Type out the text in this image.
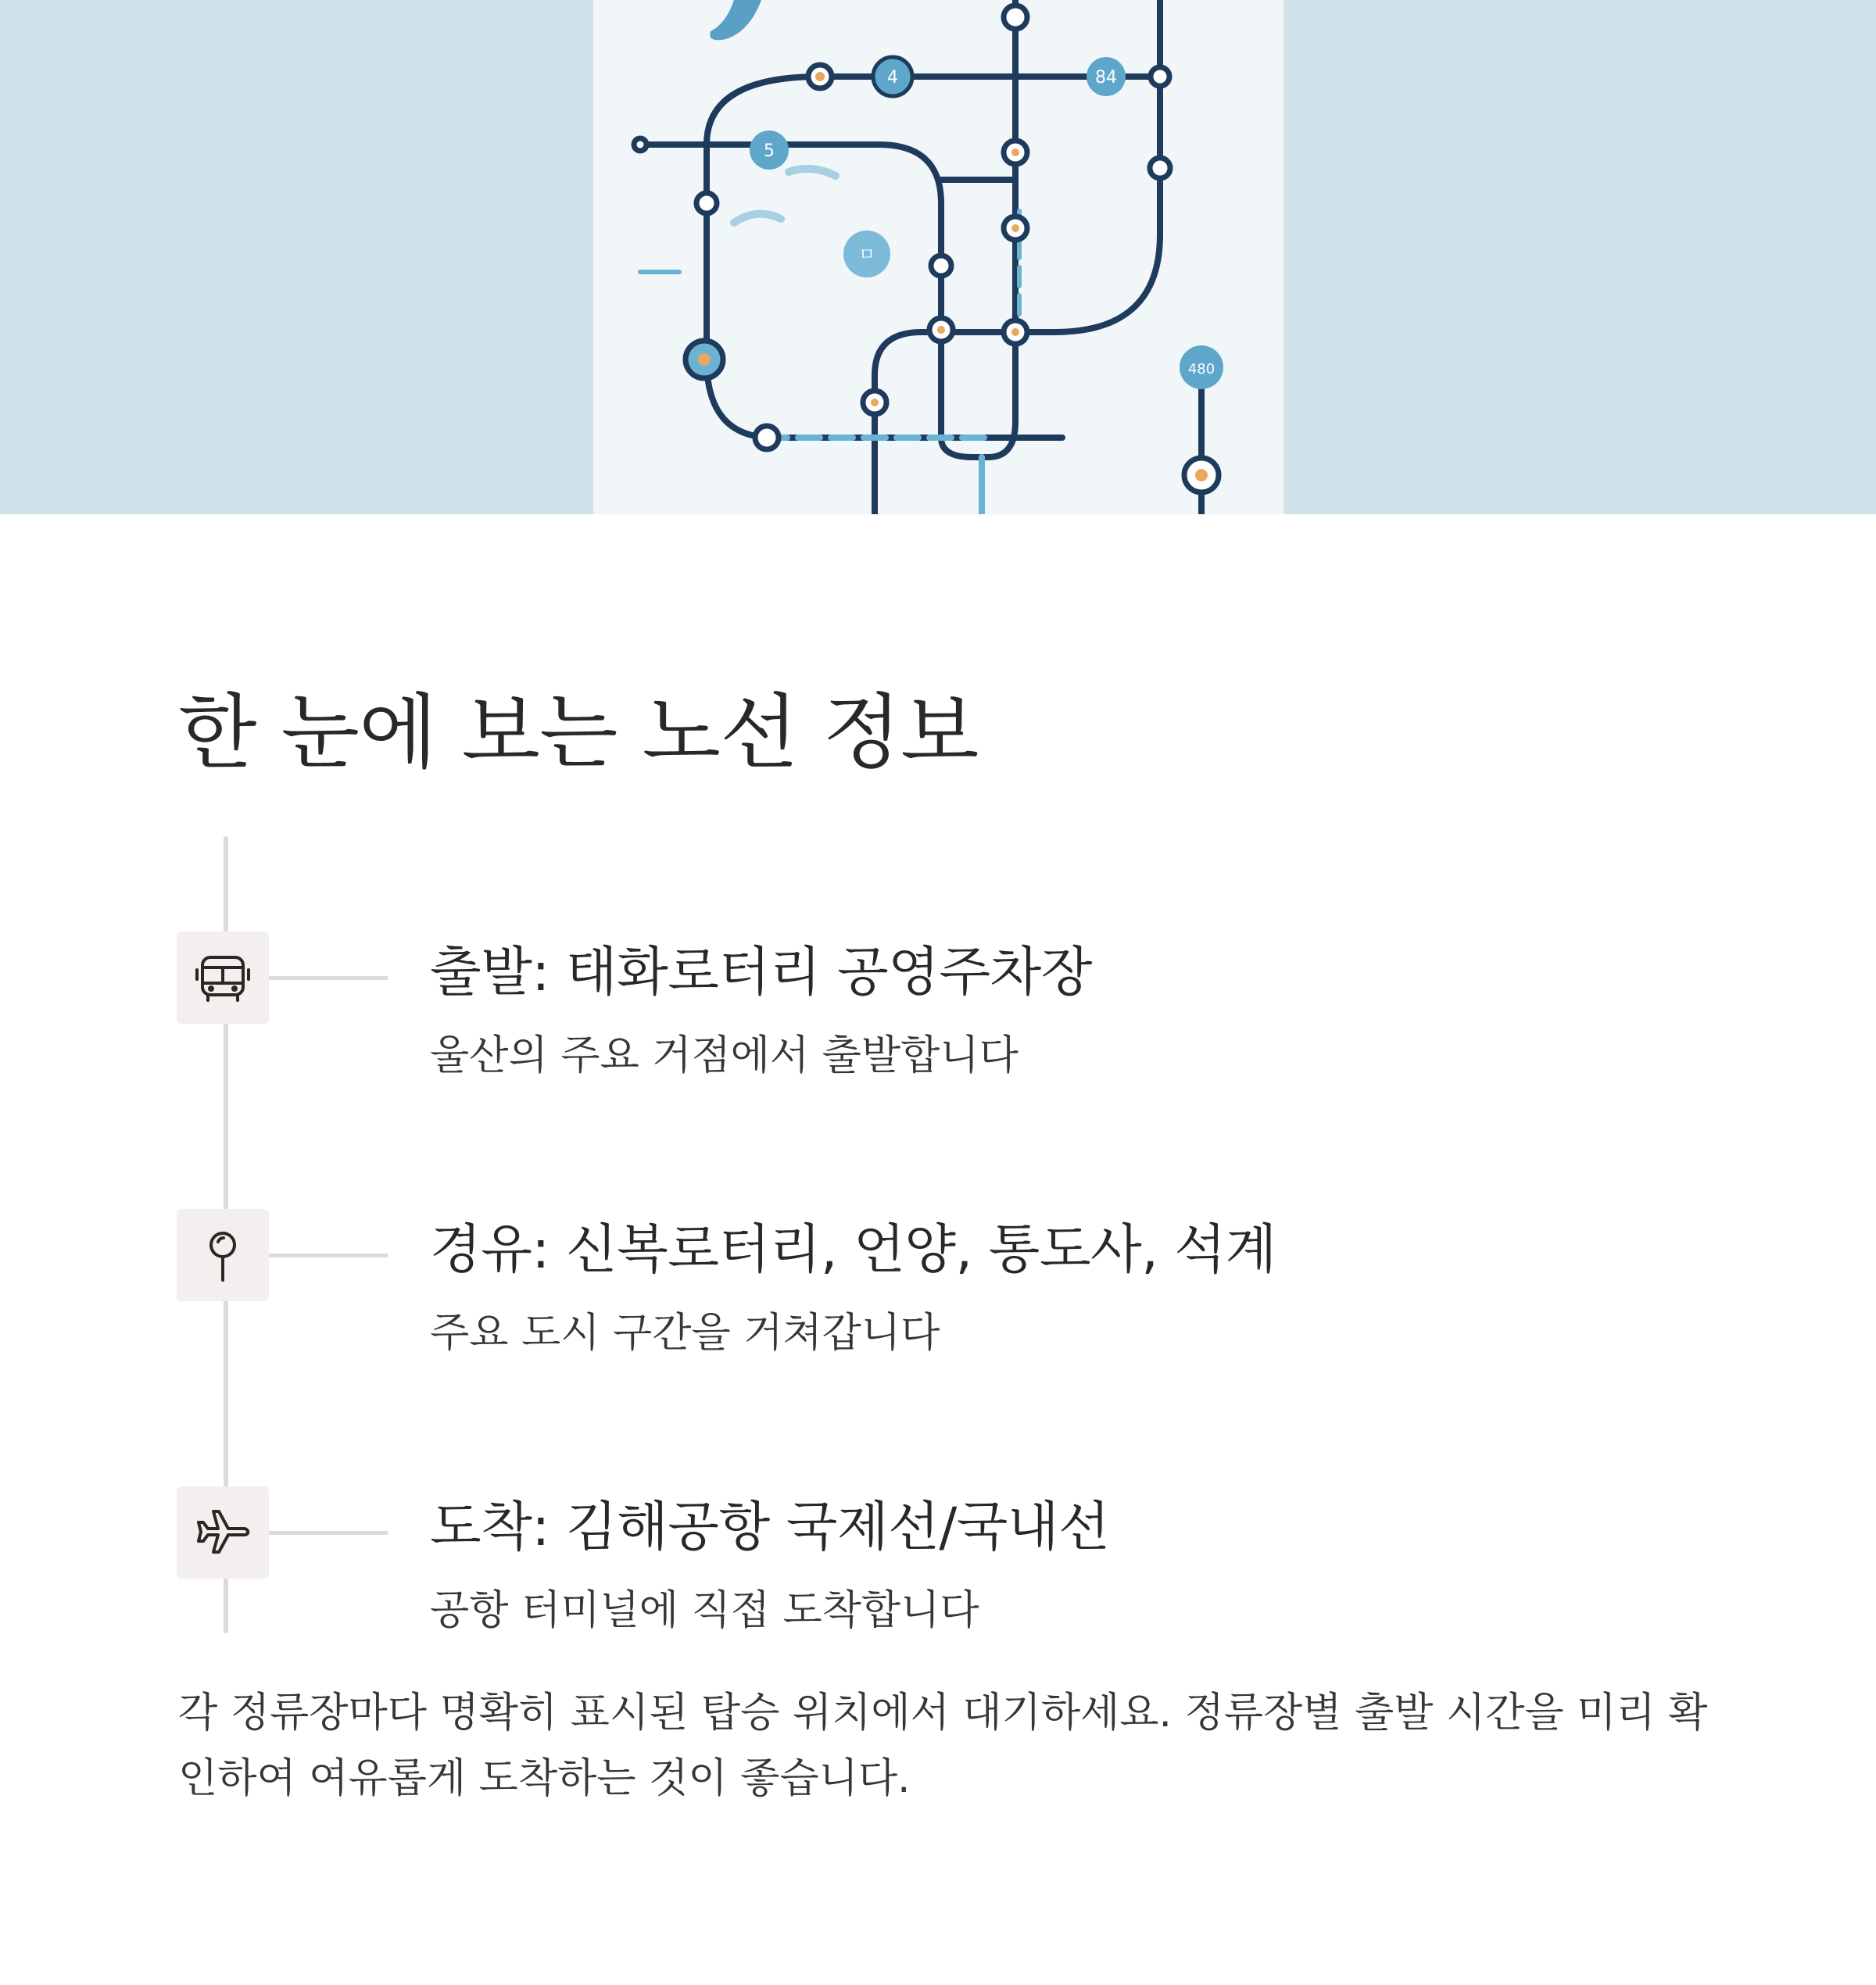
5
84
4
ㅁ
480
한 눈에 보는 노선 정보
출발: 태화로터리 공영주차장
울산의 주요 거점에서 출발합니다
경유: 신복로터리, 언양, 통도사, 석계
주요 도시 구간을 거쳐갑니다
도착: 김해공항 국제선/국내선
공항 터미널에 직접 도착합니다

각 정류장마다 명확히 표시된 탑승 위치에서 대기하세요. 정류장별 출발 시간을 미리 확인하여 여유롭게 도착하는 것이 좋습니다.
